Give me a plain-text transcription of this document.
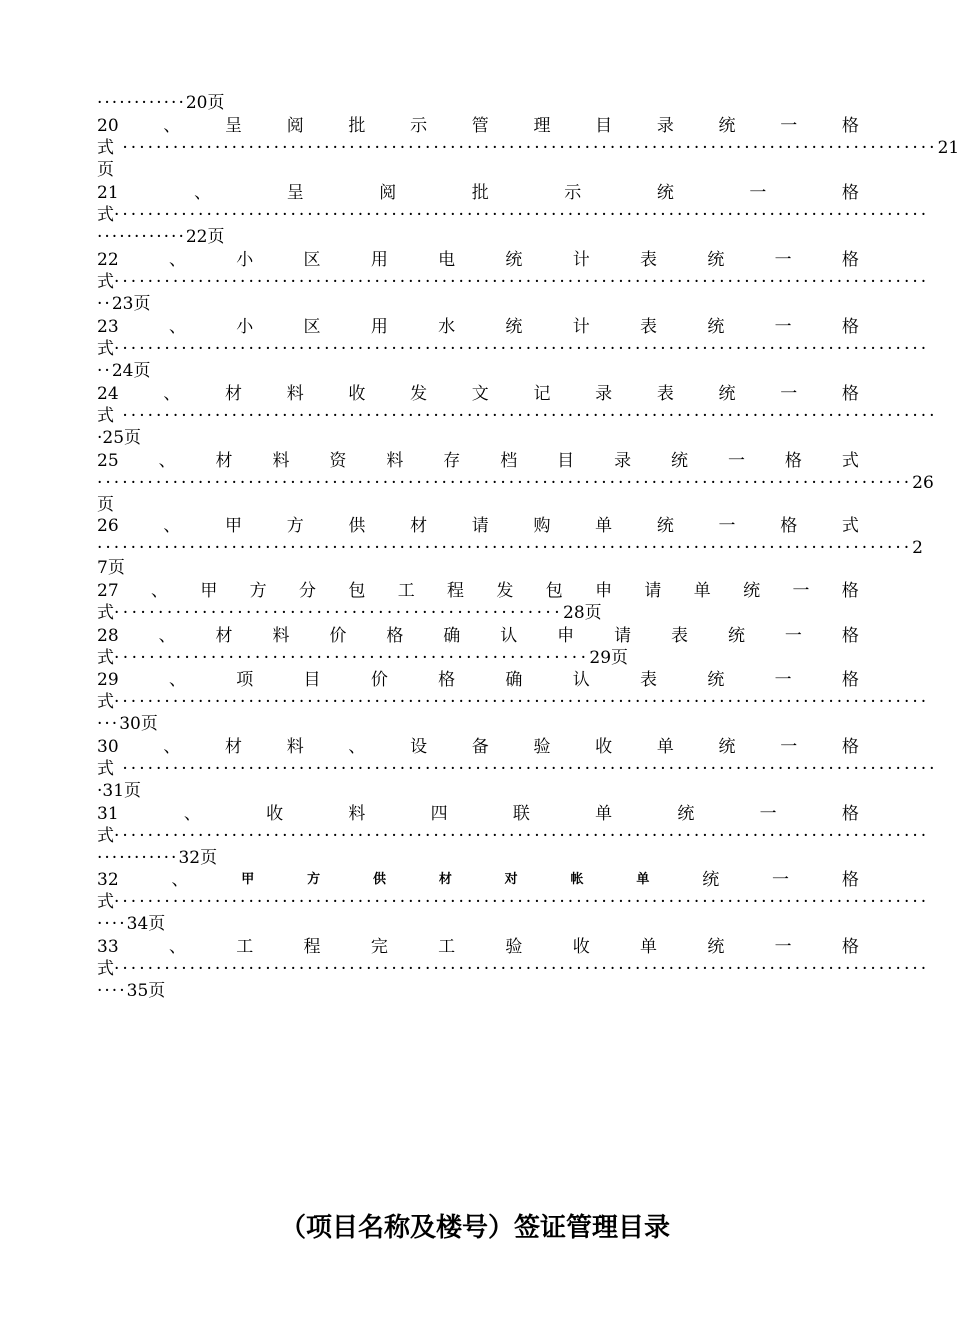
············20页
20	、	呈	阅	批	示	管	理	目	录	统	一	格
式 ································································································· 21
页
21	、	呈	阅	批	示	统	一	格
式 ·································································································
············22页
22	、	小	区	用	电	统	计	表	统	一	格
式 ·································································································
··23页
23	、	小	区	用	水	统	计	表	统	一	格
式 ·································································································
··24页
24	、	材	料	收	发	文	记	录	表	统	一	格
式 ·································································································
·25页
25 、 材 料 资 料 存 档 目 录 统 一 格 式
································································································· 26
页
26	、	甲	方	供	材	请	购	单	统	一	格	式
································································································· 2
7页
27 、 甲 方 分 包 工 程 发 包 申 请 单 统 一 格
式···················································28页
28 、 材 料 价 格 确 认 申 请 表 统 一 格
式······················································29页
29	、	项	目	价	格	确	认	表	统	一	格
式 ·································································································
···30页
30	、	材	料	、	设	备	验	收	单	统	一	格
式 ·································································································
·31页
31	、	收	料	四	联	单	统	一	格
式 ·································································································
···········32页
32	、	甲	方	供	材	对	帐	单	统	一	格
式 ·································································································
····34页
33	、	工	程	完	工	验	收	单	统	一	格
式 ·································································································
····35页
（项目名称及楼号）签证管理目录
